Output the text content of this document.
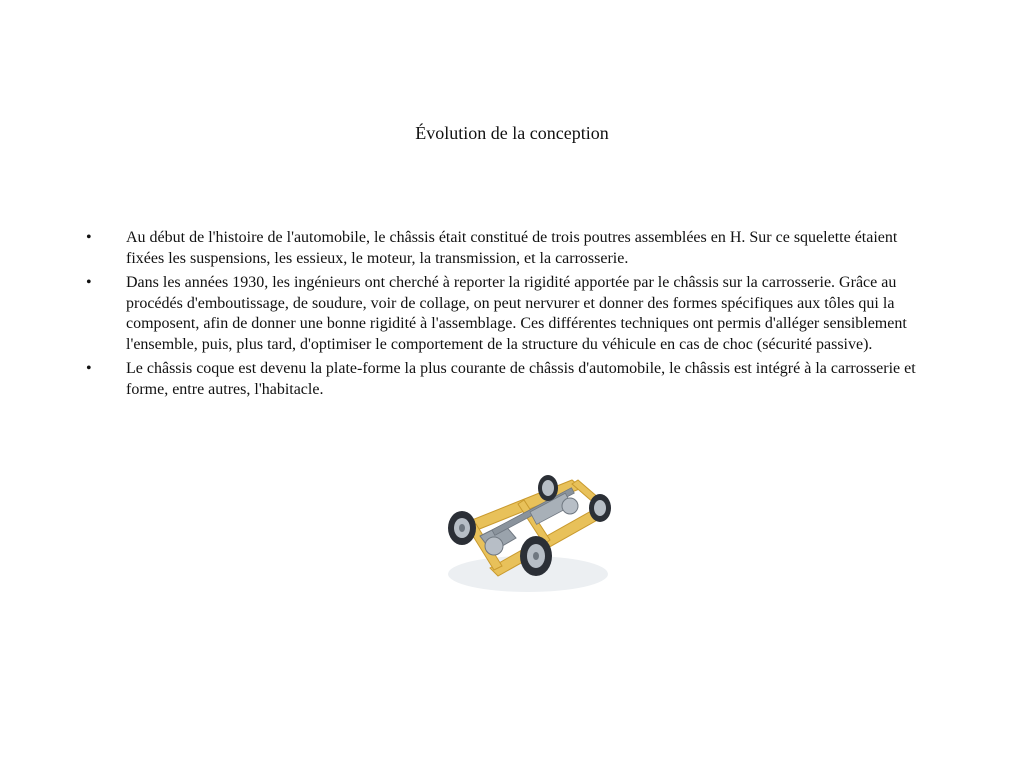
Évolution de la conception
•	Au début de l'histoire de l'automobile, le châssis était constitué de trois poutres assemblées en H. Sur ce squelette étaient fixées les suspensions, les essieux, le moteur, la transmission, et la carrosserie.
•	Dans les années 1930, les ingénieurs ont cherché à reporter la rigidité apportée par le châssis sur la carrosserie. Grâce au procédés d'emboutissage, de soudure, voir de collage, on peut nervurer et donner des formes spécifiques aux tôles qui la composent, afin de donner une bonne rigidité à l'assemblage. Ces différentes techniques ont permis d'alléger sensiblement l'ensemble, puis, plus tard, d'optimiser le comportement de la structure du véhicule en cas de choc (sécurité passive).
•	Le châssis coque est devenu la plate-forme la plus courante de châssis d'automobile, le châssis est intégré à la carrosserie et forme, entre autres, l'habitacle.
